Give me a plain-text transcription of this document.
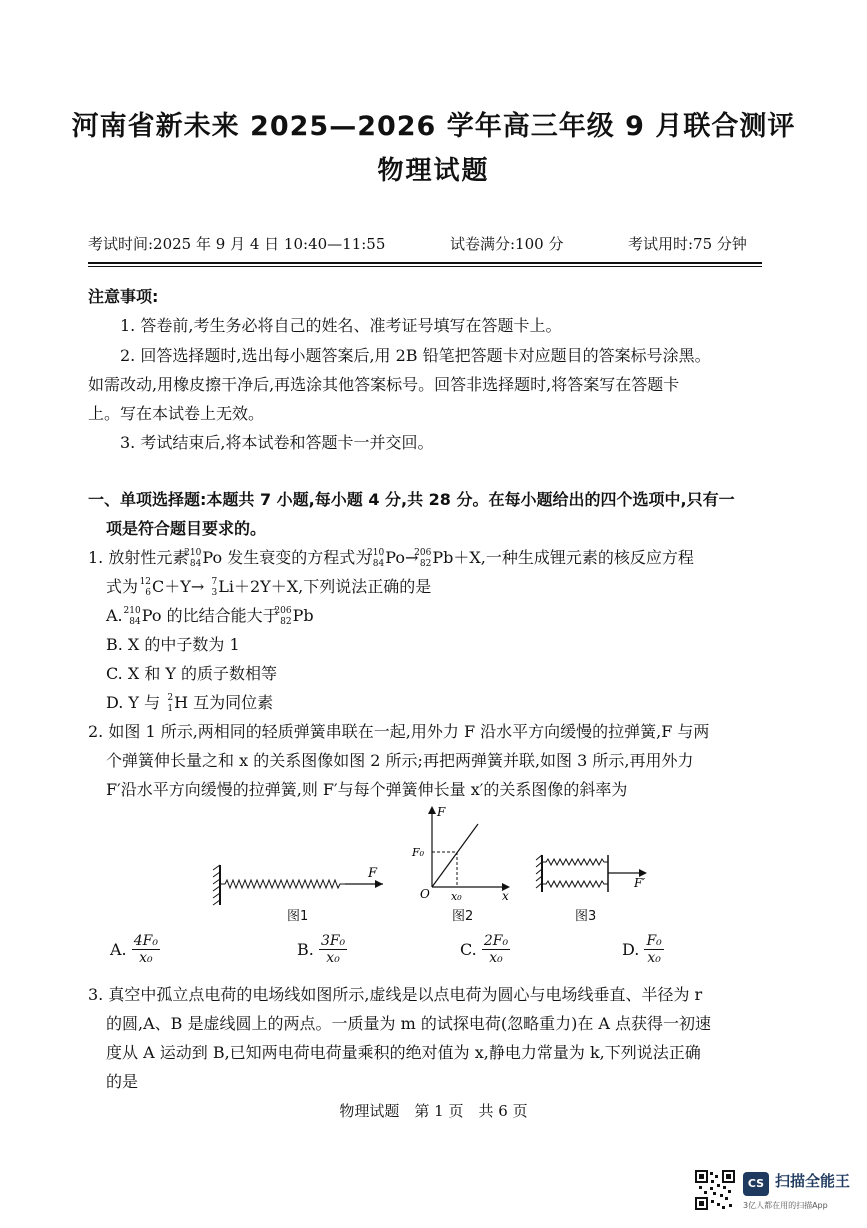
河南省新未来 2025—2026 学年高三年级 9 月联合测评
物理试题
考试时间:2025 年 9 月 4 日 10:40—11:55	试卷满分:100 分	考试用时:75 分钟
注意事项:
1. 答卷前,考生务必将自己的姓名、准考证号填写在答题卡上。
2. 回答选择题时,选出每小题答案后,用 2B 铅笔把答题卡对应题目的答案标号涂黑。
如需改动,用橡皮擦干净后,再选涂其他答案标号。回答非选择题时,将答案写在答题卡
上。写在本试卷上无效。
3. 考试结束后,将本试卷和答题卡一并交回。
一、单项选择题:本题共 7 小题,每小题 4 分,共 28 分。在每小题给出的四个选项中,只有一
项是符合题目要求的。
1. 放射性元素
210
84 Po 发生衰变的方程式为
210
84 Po→
206
82 Pb＋X,一种生成锂元素的核反应方程
式为 12
6 C＋Y→ 7
3 Li＋2Y＋X,下列说法正确的是
A.
210
84 Po 的比结合能大于
206
82 Pb
B. X 的中子数为 1
C. X 和 Y 的质子数相等
D. Y 与 2
1 H 互为同位素
2. 如图 1 所示,两相同的轻质弹簧串联在一起,用外力 F 沿水平方向缓慢的拉弹簧,F 与两
个弹簧伸长量之和 x 的关系图像如图 2 所示;再把两弹簧并联,如图 3 所示,再用外力
F′沿水平方向缓慢的拉弹簧,则 F′与每个弹簧伸长量 x′的关系图像的斜率为
F
图1
F
x
O
F₀
x₀
图2
F′
图3
A. $\frac{\text{4F₀}}{\text{x₀}}$	B. $\frac{\text{3F₀}}{\text{x₀}}$	C. $\frac{\text{2F₀}}{\text{x₀}}$	D. $\frac{\text{F₀}}{\text{x₀}}$
3. 真空中孤立点电荷的电场线如图所示,虚线是以点电荷为圆心与电场线垂直、半径为 r
的圆,A、B 是虚线圆上的两点。一质量为 m 的试探电荷(忽略重力)在 A 点获得一初速
度从 A 运动到 B,已知两电荷电荷量乘积的绝对值为 x,静电力常量为 k,下列说法正确
的是
物理试题　第 1 页　共 6 页
CS 扫描全能王
3亿人都在用的扫描App
